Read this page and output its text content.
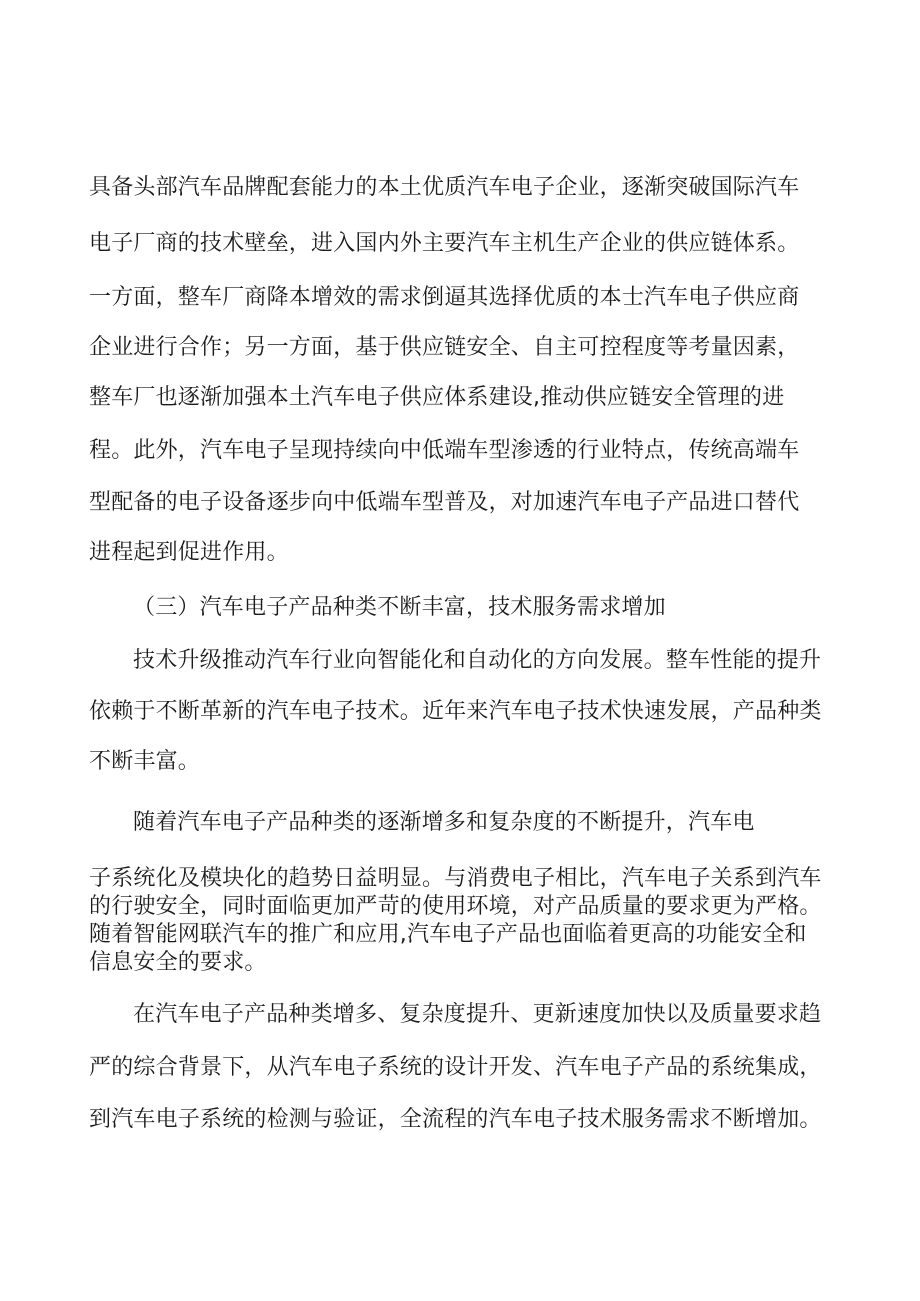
具备头部汽车品牌配套能力的本土优质汽车电子企业，逐渐突破国际汽车
电子厂商的技术壁垒，进入国内外主要汽车主机生产企业的供应链体系。
一方面，整车厂商降本增效的需求倒逼其选择优质的本士汽车电子供应商
企业进行合作；另一方面，基于供应链安全、自主可控程度等考量因素，
整车厂也逐渐加强本土汽车电子供应体系建设,推动供应链安全管理的进
程。此外，汽车电子呈现持续向中低端车型渗透的行业特点，传统高端车
型配备的电子设备逐步向中低端车型普及，对加速汽车电子产品进口替代
进程起到促进作用。
（三）汽车电子产品种类不断丰富，技术服务需求增加
技术升级推动汽车行业向智能化和自动化的方向发展。整车性能的提升
依赖于不断革新的汽车电子技术。近年来汽车电子技术快速发展，产品种类
不断丰富。
随着汽车电子产品种类的逐渐增多和复杂度的不断提升，汽车电
子系统化及模块化的趋势日益明显。与消费电子相比，汽车电子关系到汽车
的行驶安全，同时面临更加严苛的使用环境，对产品质量的要求更为严格。
随着智能网联汽车的推广和应用,汽车电子产品也面临着更高的功能安全和
信息安全的要求。
在汽车电子产品种类增多、复杂度提升、更新速度加快以及质量要求趋
严的综合背景下，从汽车电子系统的设计开发、汽车电子产品的系统集成，
到汽车电子系统的检测与验证，全流程的汽车电子技术服务需求不断增加。
